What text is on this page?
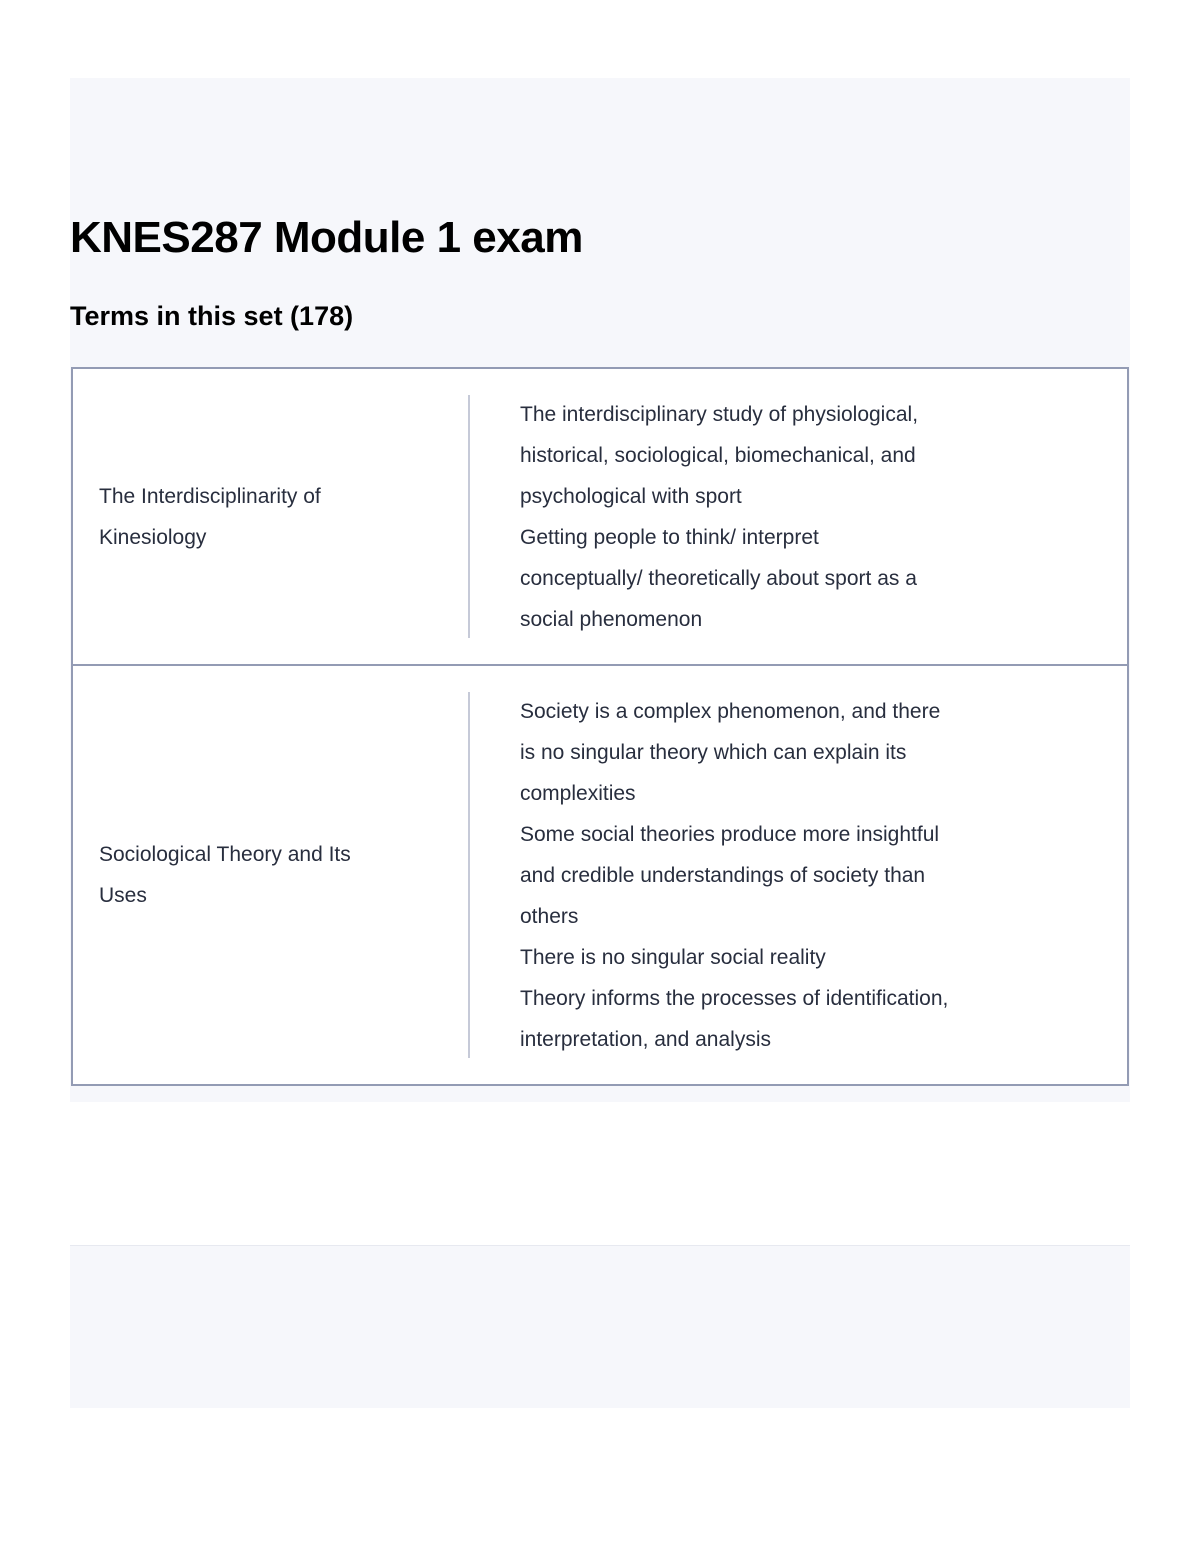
KNES287 Module 1 exam
Terms in this set (178)
The Interdisciplinarity of
Kinesiology
The interdisciplinary study of physiological,
historical, sociological, biomechanical, and
psychological with sport
Getting people to think/ interpret
conceptually/ theoretically about sport as a
social phenomenon
Sociological Theory and Its
Uses
Society is a complex phenomenon, and there
is no singular theory which can explain its
complexities
Some social theories produce more insightful
and credible understandings of society than
others
There is no singular social reality
Theory informs the processes of identification,
interpretation, and analysis
